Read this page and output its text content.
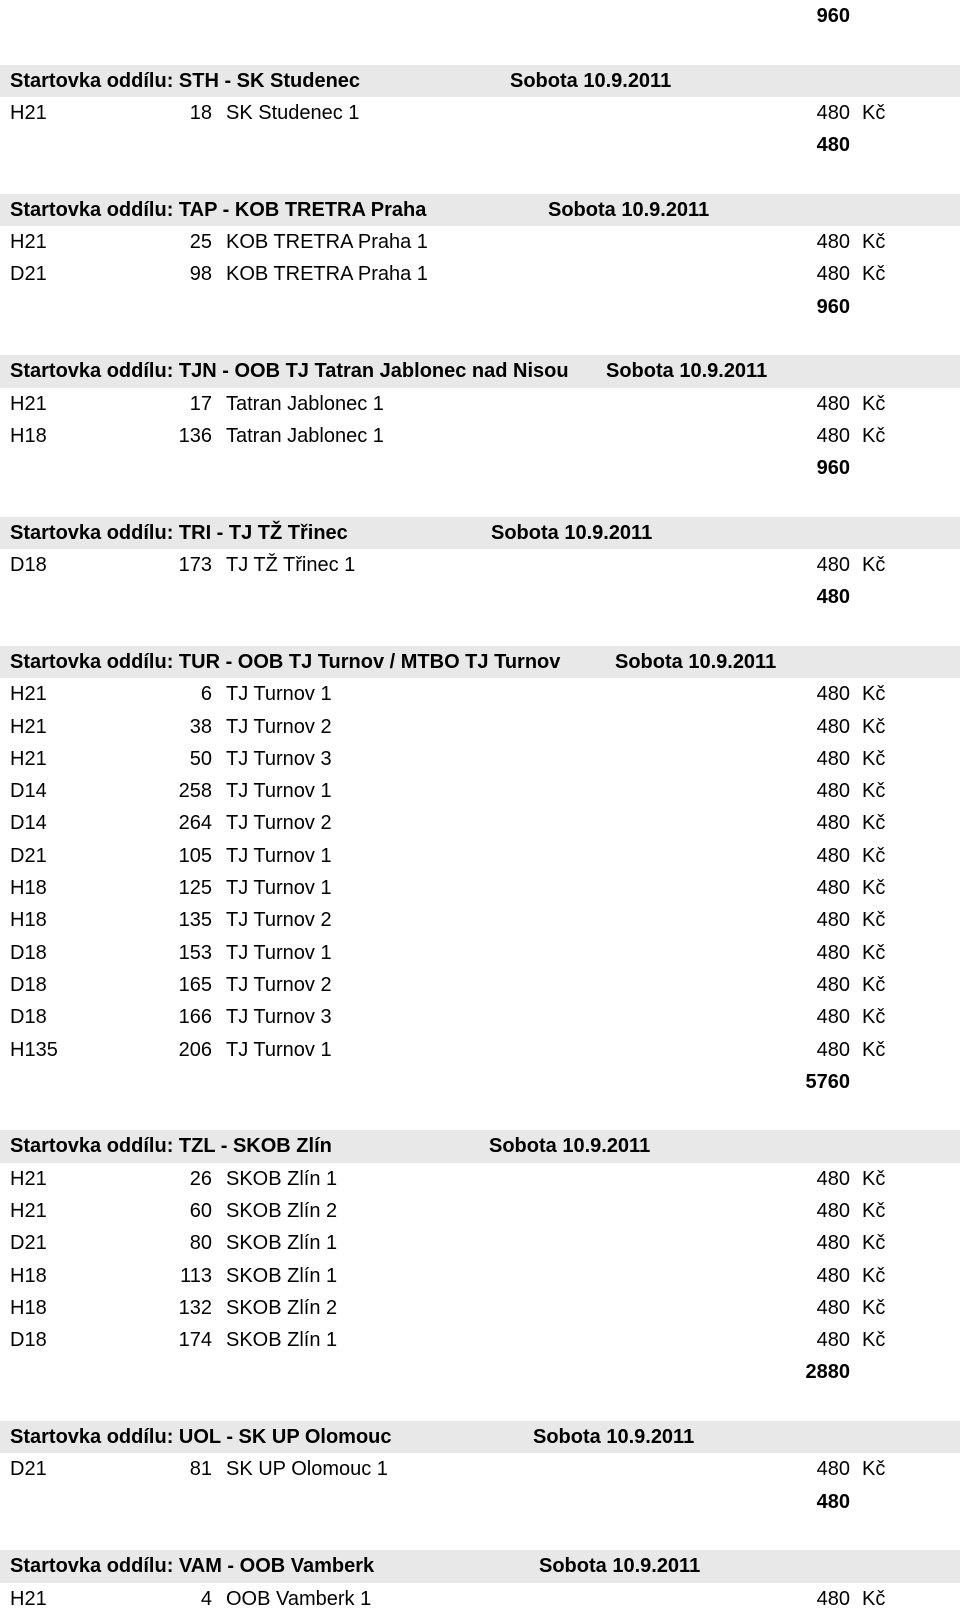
960
Startovka oddílu: STH - SK Studenec	Sobota 10.9.2011
H21	18 SK Studenec 1	480 Kč
480
Startovka oddílu: TAP - KOB TRETRA Praha	Sobota 10.9.2011
H21	25 KOB TRETRA Praha 1	480 Kč
D21	98 KOB TRETRA Praha 1	480 Kč
960
Startovka oddílu: TJN - OOB TJ Tatran Jablonec nad Nisou Sobota 10.9.2011
H21	17 Tatran Jablonec 1	480 Kč
H18	136 Tatran Jablonec 1	480 Kč
960
Startovka oddílu: TRI - TJ TŽ Třinec	Sobota 10.9.2011
D18	173 TJ TŽ Třinec 1	480 Kč
480
Startovka oddílu: TUR - OOB TJ Turnov / MTBO TJ Turnov	Sobota 10.9.2011
H21	6 TJ Turnov 1	480 Kč
H21	38 TJ Turnov 2	480 Kč
H21	50 TJ Turnov 3	480 Kč
D14	258 TJ Turnov 1	480 Kč
D14	264 TJ Turnov 2	480 Kč
D21	105 TJ Turnov 1	480 Kč
H18	125 TJ Turnov 1	480 Kč
H18	135 TJ Turnov 2	480 Kč
D18	153 TJ Turnov 1	480 Kč
D18	165 TJ Turnov 2	480 Kč
D18	166 TJ Turnov 3	480 Kč
H135	206 TJ Turnov 1	480 Kč
5760
Startovka oddílu: TZL - SKOB Zlín	Sobota 10.9.2011
H21	26 SKOB Zlín 1	480 Kč
H21	60 SKOB Zlín 2	480 Kč
D21	80 SKOB Zlín 1	480 Kč
H18	113 SKOB Zlín 1	480 Kč
H18	132 SKOB Zlín 2	480 Kč
D18	174 SKOB Zlín 1	480 Kč
2880
Startovka oddílu: UOL - SK UP Olomouc	Sobota 10.9.2011
D21	81 SK UP Olomouc 1	480 Kč
480
Startovka oddílu: VAM - OOB Vamberk	Sobota 10.9.2011
H21	4 OOB Vamberk 1	480 Kč
